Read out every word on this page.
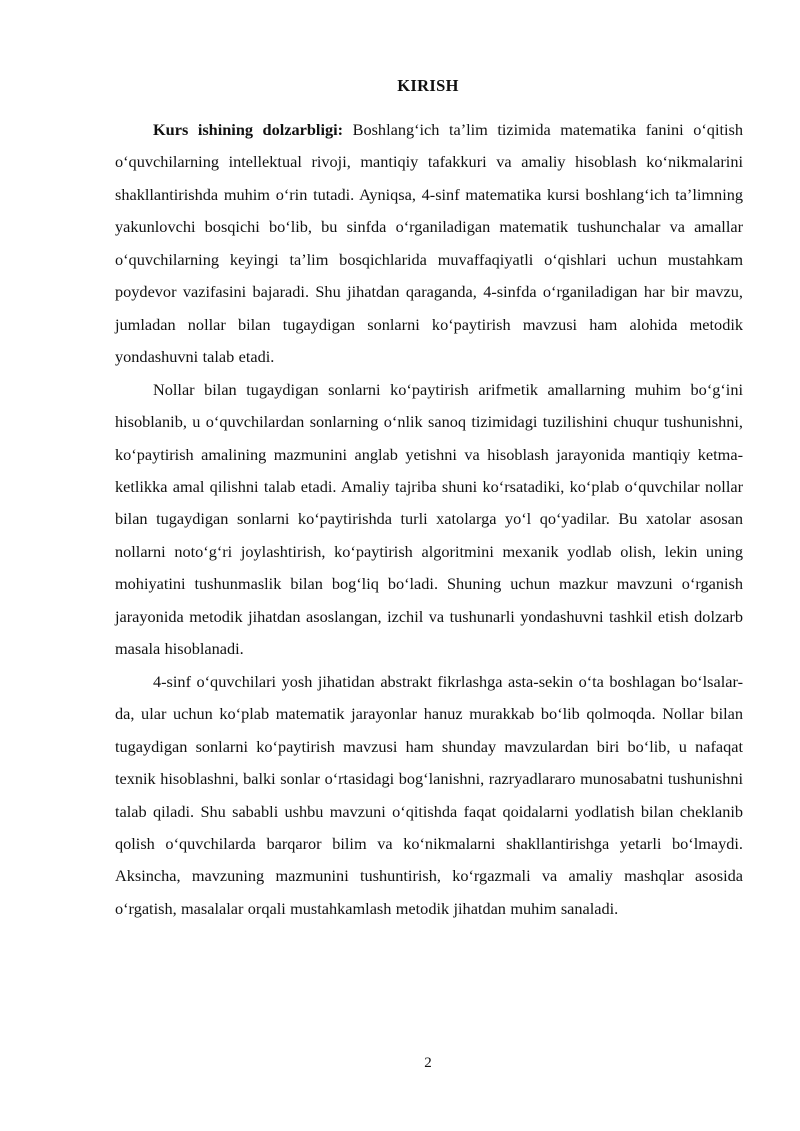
KIRISH

Kurs ishining dolzarbligi: Boshlang‘ich ta’lim tizimida matematika fanini o‘qitish o‘quvchilarning intellektual rivoji, mantiqiy tafakkuri va amaliy hisoblash ko‘nikmalarini shakllantirishda muhim o‘rin tutadi. Ayniqsa, 4-sinf matematika kursi boshlang‘ich ta’limning yakunlovchi bosqichi bo‘lib, bu sinfda o‘rganiladigan matematik tushunchalar va amallar o‘quvchilarning keyingi ta’lim bosqichlarida muvaffaqiyatli o‘qishlari uchun mustahkam poydevor vazifasini bajaradi. Shu jihatdan qaraganda, 4-sinfda o‘rganiladigan har bir mavzu, jumladan nollar bilan tugaydigan sonlarni ko‘paytirish mavzusi ham alohida metodik yondashuvni talab etadi.

Nollar bilan tugaydigan sonlarni ko‘paytirish arifmetik amallarning muhim bo‘g‘ini hisoblanib, u o‘quvchilardan sonlarning o‘nlik sanoq tizimidagi tuzilishini chuqur tushunishni, ko‘paytirish amalining mazmunini anglab yetishni va hisoblash jarayonida mantiqiy ketma-ketlikka amal qilishni talab etadi. Amaliy tajriba shuni ko‘rsatadiki, ko‘plab o‘quvchilar nollar bilan tugaydigan sonlarni ko‘paytirishda turli xatolarga yo‘l qo‘yadilar. Bu xatolar asosan nollarni noto‘g‘ri joylashtirish, ko‘paytirish algoritmini mexanik yodlab olish, lekin uning mohiyatini tushunmaslik bilan bog‘liq bo‘ladi. Shuning uchun mazkur mavzuni o‘rganish jarayonida metodik jihatdan asoslangan, izchil va tushunarli yondashuvni tashkil etish dolzarb masala hisoblanadi.

4-sinf o‘quvchilari yosh jihatidan abstrakt fikrlashga asta-sekin o‘ta boshlagan bo‘lsalar-da, ular uchun ko‘plab matematik jarayonlar hanuz murakkab bo‘lib qolmoqda. Nollar bilan tugaydigan sonlarni ko‘paytirish mavzusi ham shunday mavzulardan biri bo‘lib, u nafaqat texnik hisoblashni, balki sonlar o‘rtasidagi bog‘lanishni, razryadlararo munosabatni tushunishni talab qiladi. Shu sababli ushbu mavzuni o‘qitishda faqat qoidalarni yodlatish bilan cheklanib qolish o‘quvchilarda barqaror bilim va ko‘nikmalarni shakllantirishga yetarli bo‘lmaydi. Aksincha, mavzuning mazmunini tushuntirish, ko‘rgazmali va amaliy mashqlar asosida o‘rgatish, masalalar orqali mustahkamlash metodik jihatdan muhim sanaladi.

2
